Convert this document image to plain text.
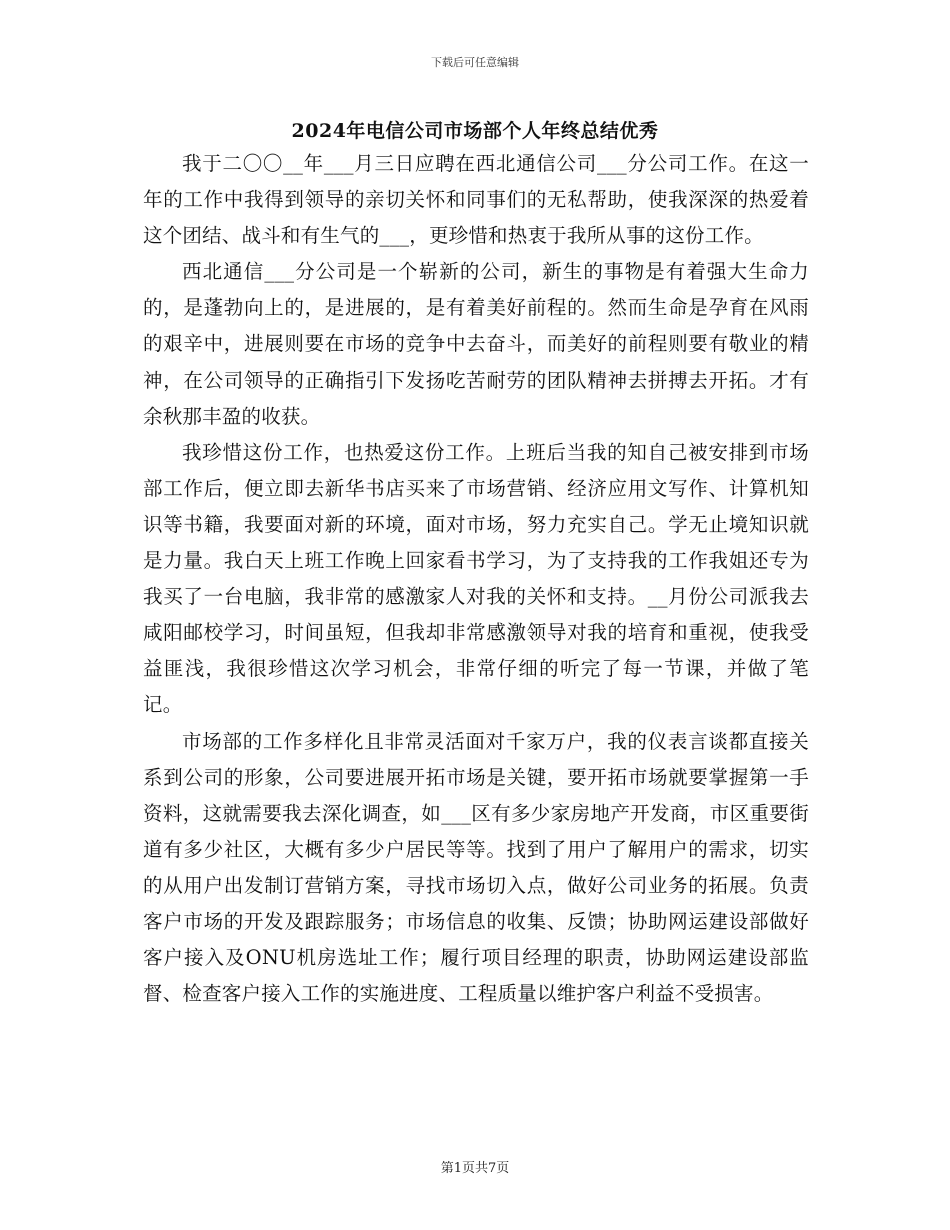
下载后可任意编辑
2024年电信公司市场部个人年终总结优秀

我于二〇〇__年___月三日应聘在西北通信公司___分公司工作。在这一年的工作中我得到领导的亲切关怀和同事们的无私帮助，使我深深的热爱着这个团结、战斗和有生气的___，更珍惜和热衷于我所从事的这份工作。

西北通信___分公司是一个崭新的公司，新生的事物是有着强大生命力的，是蓬勃向上的，是进展的，是有着美好前程的。然而生命是孕育在风雨的艰辛中，进展则要在市场的竞争中去奋斗，而美好的前程则要有敬业的精神，在公司领导的正确指引下发扬吃苦耐劳的团队精神去拼搏去开拓。才有余秋那丰盈的收获。

我珍惜这份工作，也热爱这份工作。上班后当我的知自己被安排到市场部工作后，便立即去新华书店买来了市场营销、经济应用文写作、计算机知识等书籍，我要面对新的环境，面对市场，努力充实自己。学无止境知识就是力量。我白天上班工作晚上回家看书学习，为了支持我的工作我姐还专为我买了一台电脑，我非常的感激家人对我的关怀和支持。__月份公司派我去咸阳邮校学习，时间虽短，但我却非常感激领导对我的培育和重视，使我受益匪浅，我很珍惜这次学习机会，非常仔细的听完了每一节课，并做了笔记。

市场部的工作多样化且非常灵活面对千家万户，我的仪表言谈都直接关系到公司的形象，公司要进展开拓市场是关键，要开拓市场就要掌握第一手资料，这就需要我去深化调查，如___区有多少家房地产开发商，市区重要街道有多少社区，大概有多少户居民等等。找到了用户了解用户的需求，切实的从用户出发制订营销方案，寻找市场切入点，做好公司业务的拓展。负责客户市场的开发及跟踪服务；市场信息的收集、反馈；协助网运建设部做好客户接入及ONU机房选址工作；履行项目经理的职责，协助网运建设部监督、检查客户接入工作的实施进度、工程质量以维护客户利益不受损害。

第1页共7页
